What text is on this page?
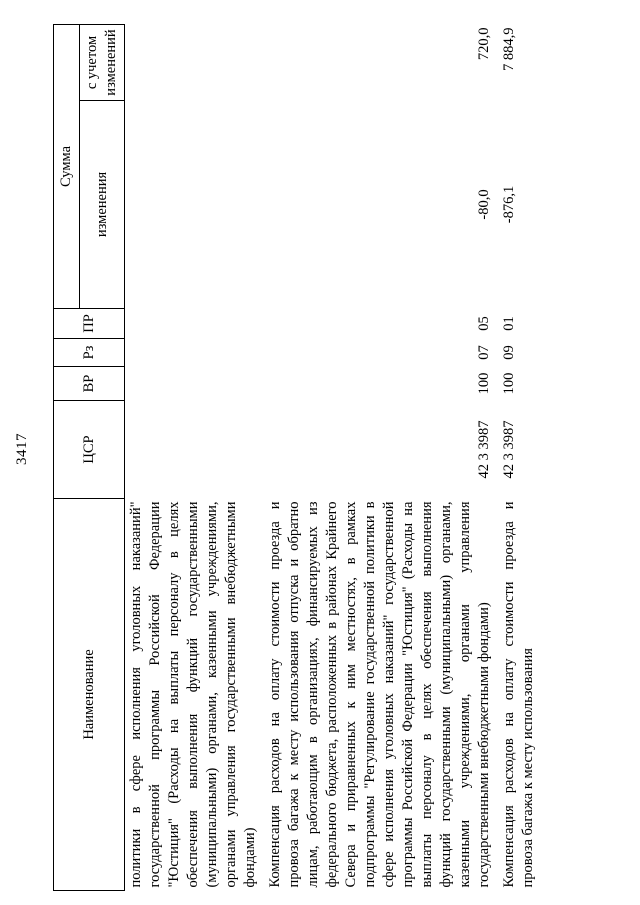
3417
Наименование	ЦСР	ВР	Рз	ПР	Сумма	
					изменения	с учетом изменений
политики в сфере исполнения уголовных наказаний" государственной программы Российской Федерации "Юстиция" (Расходы на выплаты персоналу в целях обеспечения выполнения функций государственными (муниципальными) органами, казенными учреждениями, органами управления государственными внебюджетными фондами)						
Компенсация расходов на оплату стоимости проезда и провоза багажа к месту использования отпуска и обратно лицам, работающим в организациях, финансируемых из федерального бюджета, расположенных в районах Крайнего Севера и приравненных к ним местностях, в рамках подпрограммы "Регулирование государственной политики в сфере исполнения уголовных наказаний" государственной программы Российской Федерации "Юстиция" (Расходы на выплаты персоналу в целях обеспечения выполнения функций государственными (муниципальными) органами, казенными учреждениями, органами управления государственными внебюджетными фондами)	42 3 3987	100	07	05	-80,0	720,0
Компенсация расходов на оплату стоимости проезда и провоза багажа к месту использования	42 3 3987	100	09	01	-876,1	7 884,9
